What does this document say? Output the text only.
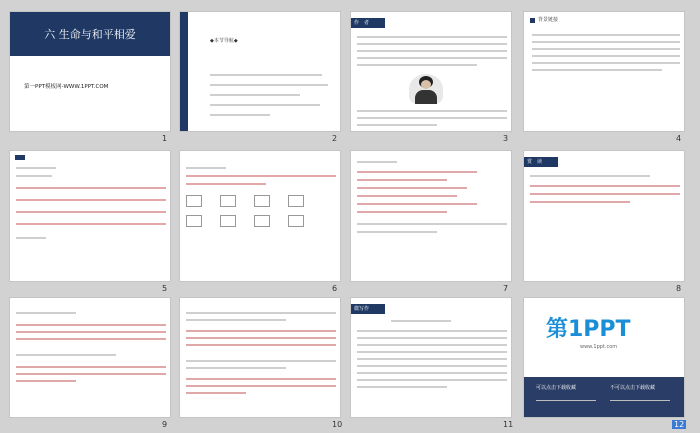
六 生命与和平相爱
第一PPT模板网-WWW.1PPT.COM
1
◆本节导航◆
2
作　者
3
背景链接
4
5	6	7
赏　读
8
9	10
微写作
11
第1PPT
www.1ppt.com
可以点击下载收藏	不可以点击下载收藏
12
